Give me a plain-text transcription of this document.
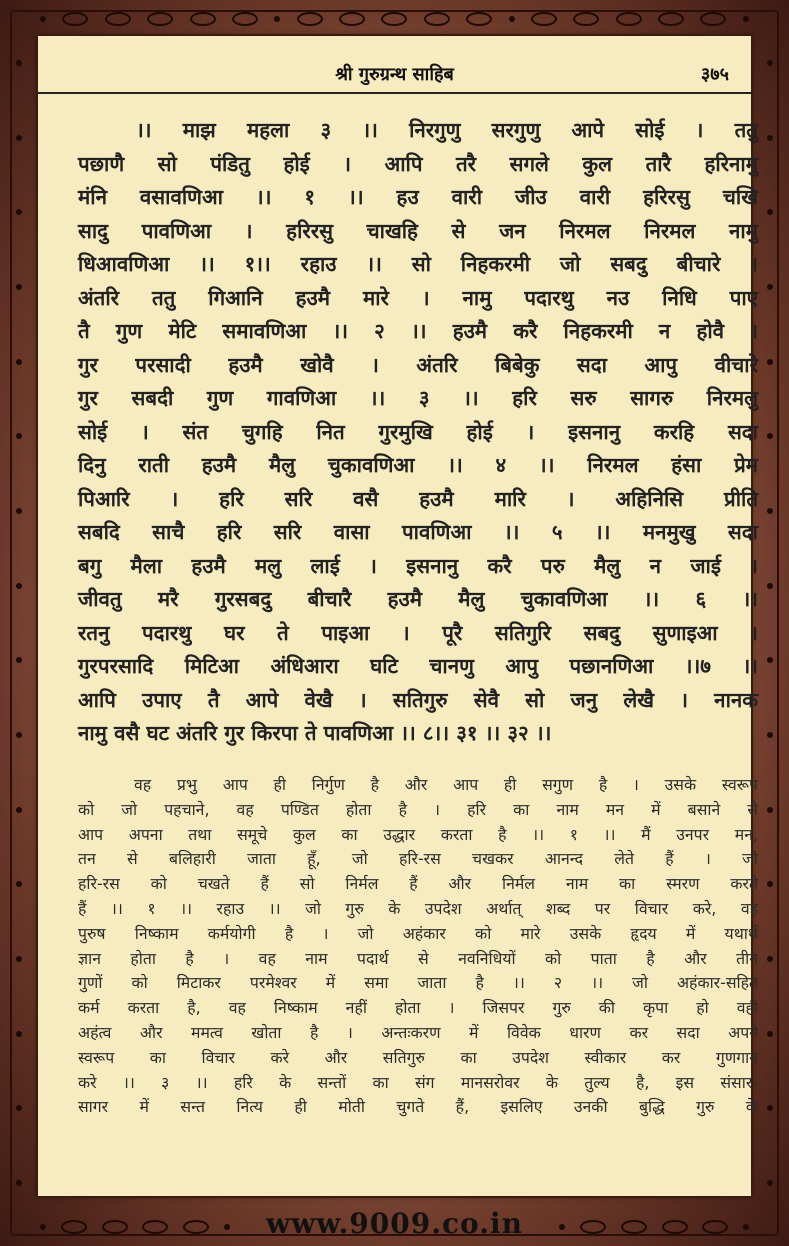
श्री गुरुग्रन्थ साहिब	३७५
।। माझ महला ३ ।। निरगुणु सरगुणु आपे सोई । ततु
पछाणै सो पंडितु होई । आपि तरै सगले कुल तारै हरिनामु
मंनि वसावणिआ ।। १ ।। हउ वारी जीउ वारी हरिरसु चखि
सादु पावणिआ । हरिरसु चाखहि से जन निरमल निरमल नामु
धिआवणिआ ।। १।। रहाउ ।। सो निहकरमी जो सबदु बीचारे ।
अंतरि ततु गिआनि हउमै मारे । नामु पदारथु नउ निधि पाए
तै गुण मेटि समावणिआ ।। २ ।। हउमै करै निहकरमी न होवै ।
गुर परसादी हउमै खोवै । अंतरि बिबेकु सदा आपु वीचारे
गुर सबदी गुण गावणिआ ।। ३ ।। हरि सरु सागरु निरमलु
सोई । संत चुगहि नित गुरमुखि होई । इसनानु करहि सदा
दिनु राती हउमै मैलु चुकावणिआ ।। ४ ।। निरमल हंसा प्रेम
पिआरि । हरि सरि वसै हउमै मारि । अहिनिसि प्रीति
सबदि साचै हरि सरि वासा पावणिआ ।। ५ ।। मनमुखु सदा
बगु मैला हउमै मलु लाई । इसनानु करै परु मैलु न जाई ।
जीवतु मरै गुरसबदु बीचारै हउमै मैलु चुकावणिआ ।। ६ ।।
रतनु पदारथु घर ते पाइआ । पूरै सतिगुरि सबदु सुणाइआ ।
गुरपरसादि मिटिआ अंधिआरा घटि चानणु आपु पछानणिआ ।।७ ।।
आपि उपाए तै आपे वेखै । सतिगुरु सेवै सो जनु लेखै । नानक
नामु वसै घट अंतरि गुर किरपा ते पावणिआ ।। ८।। ३१ ।। ३२ ।।
वह प्रभु आप ही निर्गुण है और आप ही सगुण है । उसके स्वरूप
को जो पहचाने, वह पण्डित होता है । हरि का नाम मन में बसाने से
आप अपना तथा समूचे कुल का उद्धार करता है ।। १ ।। मैं उनपर मन,
तन से बलिहारी जाता हूँ, जो हरि-रस चखकर आनन्द लेते हैं । जो
हरि-रस को चखते हैं सो निर्मल हैं और निर्मल नाम का स्मरण करते
हैं ।। १ ।। रहाउ ।। जो गुरु के उपदेश अर्थात् शब्द पर विचार करे, वह
पुरुष निष्काम कर्मयोगी है । जो अहंकार को मारे उसके हृदय में यथार्थ
ज्ञान होता है । वह नाम पदार्थ से नवनिधियों को पाता है और तीन
गुणों को मिटाकर परमेश्वर में समा जाता है ।। २ ।। जो अहंकार-सहित
कर्म करता है, वह निष्काम नहीं होता । जिसपर गुरु की कृपा हो वही
अहंत्व और ममत्व खोता है । अन्तःकरण में विवेक धारण कर सदा अपने
स्वरूप का विचार करे और सतिगुरु का उपदेश स्वीकार कर गुणगान
करे ।। ३ ।। हरि के सन्तों का संग मानसरोवर के तुल्य है, इस संसार-
सागर में सन्त नित्य ही मोती चुगते हैं, इसलिए उनकी बुद्धि गुरु के
www.9009.co.in
